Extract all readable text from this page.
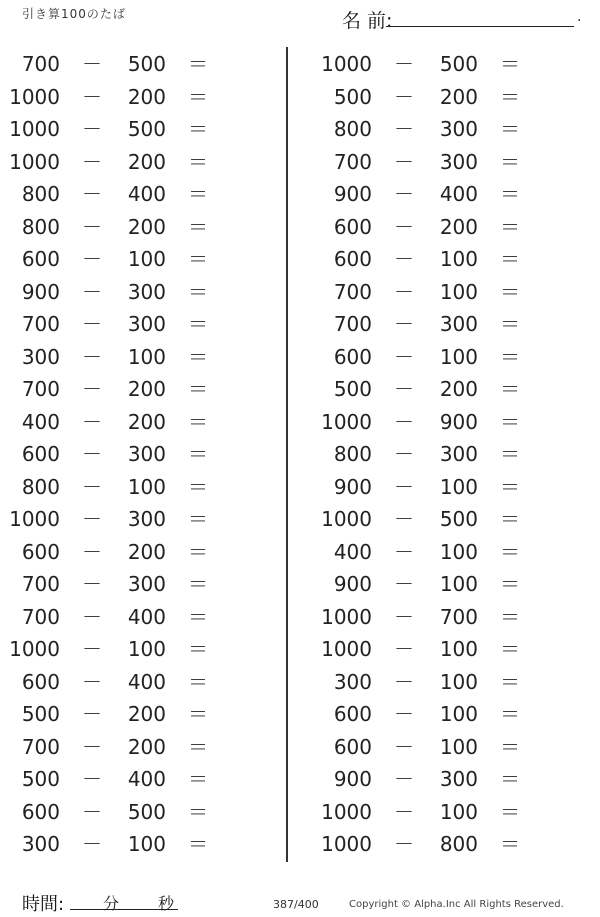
引き算100のたば	名 前:	.
700 －	500 ＝
1000 －	200 ＝
1000 －	500 ＝
1000 －	200 ＝
800 －	400 ＝
800 －	200 ＝
600 －	100 ＝
900 －	300 ＝
700 －	300 ＝
300 －	100 ＝
700 －	200 ＝
400 －	200 ＝
600 －	300 ＝
800 －	100 ＝
1000 －	300 ＝
600 －	200 ＝
700 －	300 ＝
700 －	400 ＝
1000 －	100 ＝
600 －	400 ＝
500 －	200 ＝
700 －	200 ＝
500 －	400 ＝
600 －	500 ＝
300 －	100 ＝
1000 －	500 ＝
500 －	200 ＝
800 －	300 ＝
700 －	300 ＝
900 －	400 ＝
600 －	200 ＝
600 －	100 ＝
700 －	100 ＝
700 －	300 ＝
600 －	100 ＝
500 －	200 ＝
1000 －	900 ＝
800 －	300 ＝
900 －	100 ＝
1000 －	500 ＝
400 －	100 ＝
900 －	100 ＝
1000 －	700 ＝
1000 －	100 ＝
300 －	100 ＝
600 －	100 ＝
600 －	100 ＝
900 －	300 ＝
1000 －	100 ＝
1000 －	800 ＝
時間: 分 秒	387/400	Copyright © Alpha.Inc All Rights Reserved.
